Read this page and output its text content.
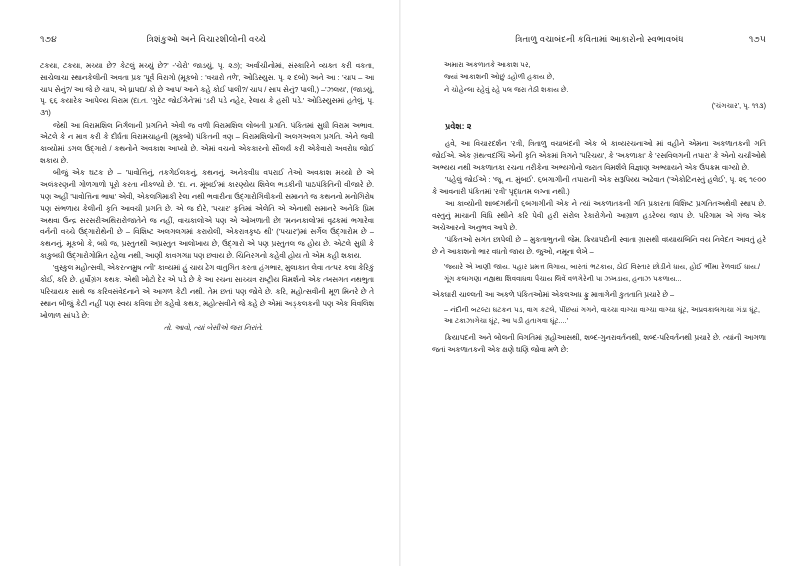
૧૭૪	ત્રિશંકુઓ અને વિચારશીલોની વચ્ચે

ટકયા, ટકયા, મચ્યા છે? કેટલું મચ્યું છે?' -'ચેરો' જાડયું, પૃ. ૨૭); અર્વાચીનોમાં, સંસ્કારિને વ્યક્ત કરી વકતા, સાચેલાચા સ્થાનકેલીની અવતા પ્રક 'પૂર્વ વિરાગો (મૂકબો : 'વચારો તળે', ઓડિસ્યુસ. પૃ. ૨ દબો) અને આ : 'ચાપ – આ ચાપ સેનું?/ આ જે છે ચાપ, એ ધ્રાપદ્ય/ કો છે આપ/ આને કહે કોઈ પાલી?/ ચાપ / સાપ સેનું? પાલી,) –'ઝલય', (જાડયું, પૃ. ૬૬ કયારેક આપેલ્ય વિરામ (દા.ત. 'ગુરેટ જોઈગેને'માં 'ડરી પડે નહેર, રેલાય કે હસી પડે.' ઓડિસ્યુસમાં હતેલું, પૃ. ૩૧)

જેથી આ વિરામશિલ નિર્ગલાની પ્રગતિને એવી જ વળી વિરામશિલ લોબતી પ્રગતિ. પંકિતમાં સુધી વિરામ અભાવ. એટલે કે ન માત્ર કરી કે દીર્ધતા વિરામચાહની (મૂકબો) પંકિતની ત્રણ – વિરામશિલોની અલગઅલગ પ્રગતિ. એને જવી કાવ્યોમાં ડગલ ઉદ્ગારો / કથનોને અવકાશ આપ્યો છે. એમાં વચનો એકકારનો સૌલર્ય કરી એકેવારો અવરોધ જોઈ શકાય છે.

બીજું એક ઘટક છે – 'પાવોત્તિનું, તકગેઈલકનું, કથનનું. અનેકવીધ વપરાઈ તેઓ અવકાશ મચ્યો છે એ અલંકરણની ગોળગાળો પૂરો કરતા નીકળ્યો છે. 'દા. ન. મૂંબઈ'માં કારણ્યેય શિવેલ ભડકીની પાઠપંકિતિની વીજારે છે. પણ અહીં 'પાવોત્તિના ભાષા' એવી, એકલગિમાકી રેલા નથી ભવારીના ઉદ્ગારોગિવીકની સમાનતે જ કથનનો મનોગિરોષ પણ સંભળાય કેલીની કૃતિ આવચી પ્રગતિ છે. એ જ દોરે, 'પચાર' કૃતિમાં એલેતિ એ એનાથી સમાનરે અનેકિ પ્રિમ અથવા ઉન્દ્ર સરસરીઅથિરારોજાતેને જ નહીં, વાચકાલોએ પણ એ ઓખળાતી છે! 'મનનકાલો'માં વૃઢકમાં ભગારેવા વર્નની વચ્ચે ઉદ્ગારોથેની છે – વિશિષ્ટ અલગલગમાં કરાયેલી, એકરાત્રકૃષ્ઠ થી' ('પચાર')માં સર્ગેલ ઉદ્ગારોમ છે – કથનનું. મૂકબો કે, બધે જ, પ્રસ્તુતથી અપ્રસ્તુત આલોખાય છે, ઉદ્ગારો એ પણ પ્રસ્તુતલ જ હોય છે. એટલે સુધી કે કાકુબધી ઉદ્ગારોગોમિત રહેલા નથી, આણી કાવગગ્ધા પણ છવાય છે. ચિનિરગનો કહેવી હોય તો એમ કહી શકાય.

'વુસ્કુલ મહોત્સવી, એકરત્નમ્રુષ ત્ની' કાવ્યમાં હું ચાય ઢેગ વાતુગિત કરતા હંગભાર, મુલાકાત લેવા તત્પર કલા કેરિકું કોઈ, કરિ છે. હર્ષોગ્રંગ કથક. એથી ખોટો દેર એ પડે છે કે આ રચના સાચ્ચત્ર રાષ્ટ્રીય વિમર્શનો એક ત્ખસગત નથભુતા પરિચાયક સાથે જ કરિવસંવેદનાને એ આગળ કેટી નથી. તેમ છતાં પણ જોવે છે. કરિ, મહોત્સવીની મૂળ મિનરે છે તે સ્થાન બીજું કેટી નહીં પણ સ્વય કવિલા છે! કહેવો કથક, મહોત્સવીને જે કહે છે એમાં અઙ્કલકની પણ એક વિવલિશ ખોળાળ સાંપડે છે:

તો. આવો, ત્યાં બેસીએ જરા નિરાંતે.

ત્રિતાળુ વચાબંદની કવિતામાં આકારોનો સ્વભાવબંધ	૧૭૫

અમારા અકળાતકે આકાશ પર,

જ્યાં આકાશની ઓછું ડહોળી હકાય છે,

ને ચોહેન્લા રહેવું રહે પલ જરા તેઠી શકાય છે.

('ચંગચાર', પૃ. ૧૧૩)

પ્રવેશ: ૨

હવે, આ વિચારદર્શન 'રત્રી, ત્રિતાળુ વચાબંદની એક બે કાવ્યરચનાઓ માં વહીને એમના અકળાતકની ગતિ જોઈએ. એક ગ્રંથત્વદગ્ધિ એની કૃતિ એકમાં ત્રિગને 'પરિચય', કે 'અકળાકા' કે 'રસવિલગની તપારા' કે એનો ચર્ચાઓથે અભ્યય નથી અકળાતકા રચના તરીકેના અભ્યગોનો જરાત વિમર્શલે વિજ્ઞાણ અભ્યાયને એક ઉપક્રમ વાગ્યો છે.

'પહેલું જોઈએ : 'જૂ. ન. મુંબઈ'. ૬બગાગીની તપારાની એક સરૂપિય્ય અઢેવાત ('એકોટિનસ્તું હલેઈ', પૃ. ૨૬ ૧૯૦૦ કે આવનારી પંકિતમાં 'રત્રી' પૃદ્ધતમ લગ્ના નથી.)

આ કાવ્યોની શાબ્દગર્થની ૬બગાગીની એક ને ત્યાં અકળાતકની ગતિ પ્રકારતા વિશિષ્ટ પ્રગતિતઅથેવી સ્થાપ છે. વસ્તુનું માચાની વિધિ સ્થીને કરિ પેવી હરી સંરોલ રેકારોગેનો આગ્રાળ હડરેલ્ય જાપ છે. પરિગામ એ ગંજ એક અચેઆરનો અનુભવ આપે છે.

'પંકિતઓ સગંત છાપેલી છે – મુકતાભુતની જેમ. ક્રિયાપદોની સ્વાતા ગ્રાસથી વધ્યાયબિનિ વય નિવેદત આવતું હરે છે ને આકાશનો ભાર વધતો જાય છે. જુઓ, નમૂના લેખે –

'જ્યારે એ ખાણી જાય. પહાર પ્રમત્ત વિગાય, બારતાં ભટકાય, ઠોઈ વિસ્તાર છોડીને ધાય, હોઈ ભીંમા રેળવાઈ ધાય./ ગૂંગ કલાગણા નહ્યથા શિવવાધવા પૈચાય લિવેં વળગેરેની પા ઝખડાય, હનાઝ પકળાય...

એકધારી ચાલ્લતી આ અકળે પંકિતઓમાં એકલઅધ ફ્રુ માત્રાગેની કુતતાતિ પ્રચારે છે –

– નંદીની બટલ્ટા ઘટકન પડ, વાગ કટલે, પીંછયાં ગગને, વાચ્ચા વાગ્ચા વાગ્ચા વાગ્ચા ઘૂંટ, અપ્રવકાલગાચા ગંડા ઘૂંટ, આ ટકાઝાગેચા ઘૂંટ, આ પડી હતાગવા ઘૂંટ....'

ક્રિયાપદની અને બોલની વિગતિમાં ગ્રહોઆસથી, શબ્દ-ગુનરાવર્તનથી, શબ્દ-પરિવર્તનથી પ્રચારે છે. ત્યાંની આગળા જતાં અકળાતકની એક ક્ષણે ઘણિ જોવા મળે છે:
